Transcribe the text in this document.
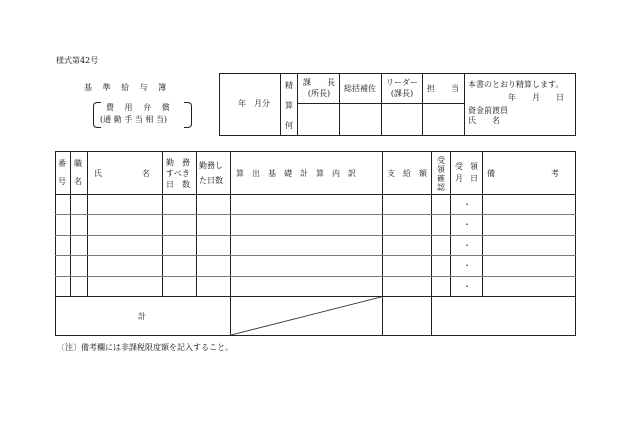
様式第42号
基 準 給 与 簿
費 用 弁 償
(通 勤 手 当 相 当)
年　月分
精算何
課　　長
(所長)
総括補佐
リーダー
(課長)
担　　当 本書のとおり精算します。
年　　月　　日
資金前渡員
氏　　名
番
号
職
名
氏　　　　　名
勤　務
すべき
日　数
勤務し
た日数
算　出　基　礎　計　算　内　訳	支　給　額
受領確認
受 領
月 日
備　　　　　　　考
・
・
・
・
・
計
〔注〕備考欄には非課税限度額を記入すること。
